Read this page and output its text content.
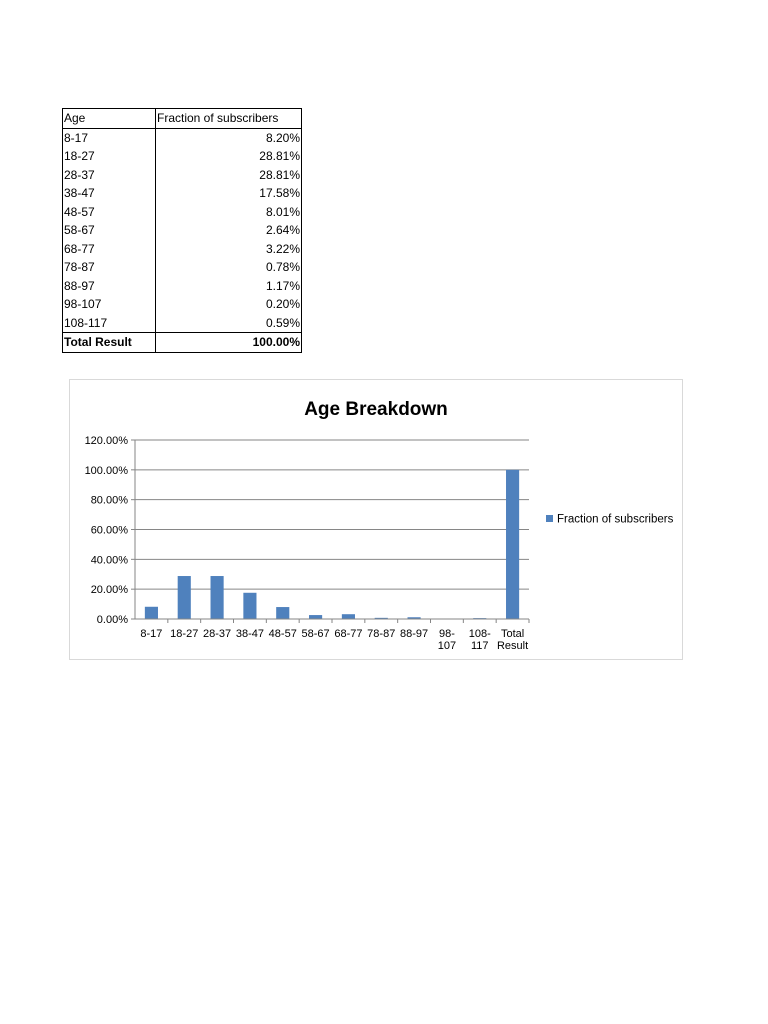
Age	Fraction of subscribers
8-17	8.20%
18-27	28.81%
28-37	28.81%
38-47	17.58%
48-57	8.01%
58-67	2.64%
68-77	3.22%
78-87	0.78%
88-97	1.17%
98-107	0.20%
108-117	0.59%
Total Result	100.00%
Age Breakdown
0.00%
20.00%
40.00%
60.00%
80.00%
100.00%
120.00%
8-17 18-27 28-37 38-47 48-57 58-67 68-77 78-87 88-97 98-107
108-117
Total Result
Fraction of subscribers
